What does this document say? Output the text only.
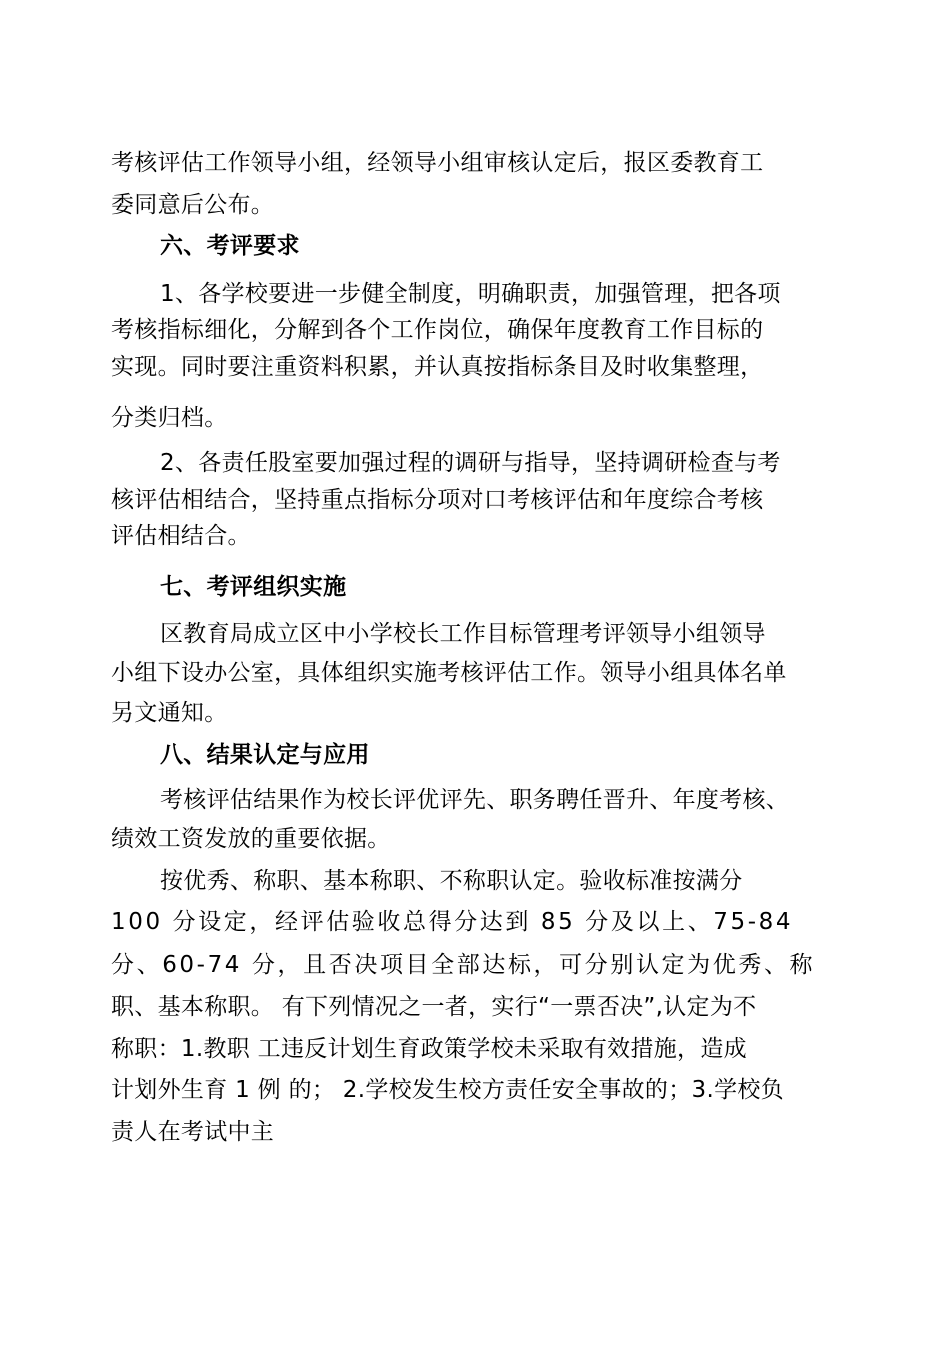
考核评估工作领导小组，经领导小组审核认定后，报区委教育工
委同意后公布。
六、考评要求
1、各学校要进一步健全制度，明确职责，加强管理，把各项
考核指标细化，分解到各个工作岗位，确保年度教育工作目标的
实现。同时要注重资料积累，并认真按指标条目及时收集整理，
分类归档。
2、各责任股室要加强过程的调研与指导，坚持调研检查与考
核评估相结合，坚持重点指标分项对口考核评估和年度综合考核
评估相结合。
七、考评组织实施
区教育局成立区中小学校长工作目标管理考评领导小组领导
小组下设办公室，具体组织实施考核评估工作。领导小组具体名单
另文通知。
八、结果认定与应用
考核评估结果作为校长评优评先、职务聘任晋升、年度考核、
绩效工资发放的重要依据。
按优秀、称职、基本称职、不称职认定。验收标准按满分
100 分设定，经评估验收总得分达到 85 分及以上、75-84
分、60-74 分，且否决项目全部达标，可分别认定为优秀、称
职、基本称职。 有下列情况之一者，实行“一票否决”,认定为不
称职：1.教职 工违反计划生育政策学校未采取有效措施，造成
计划外生育 1 例 的； 2.学校发生校方责任安全事故的；3.学校负
责人在考试中主
